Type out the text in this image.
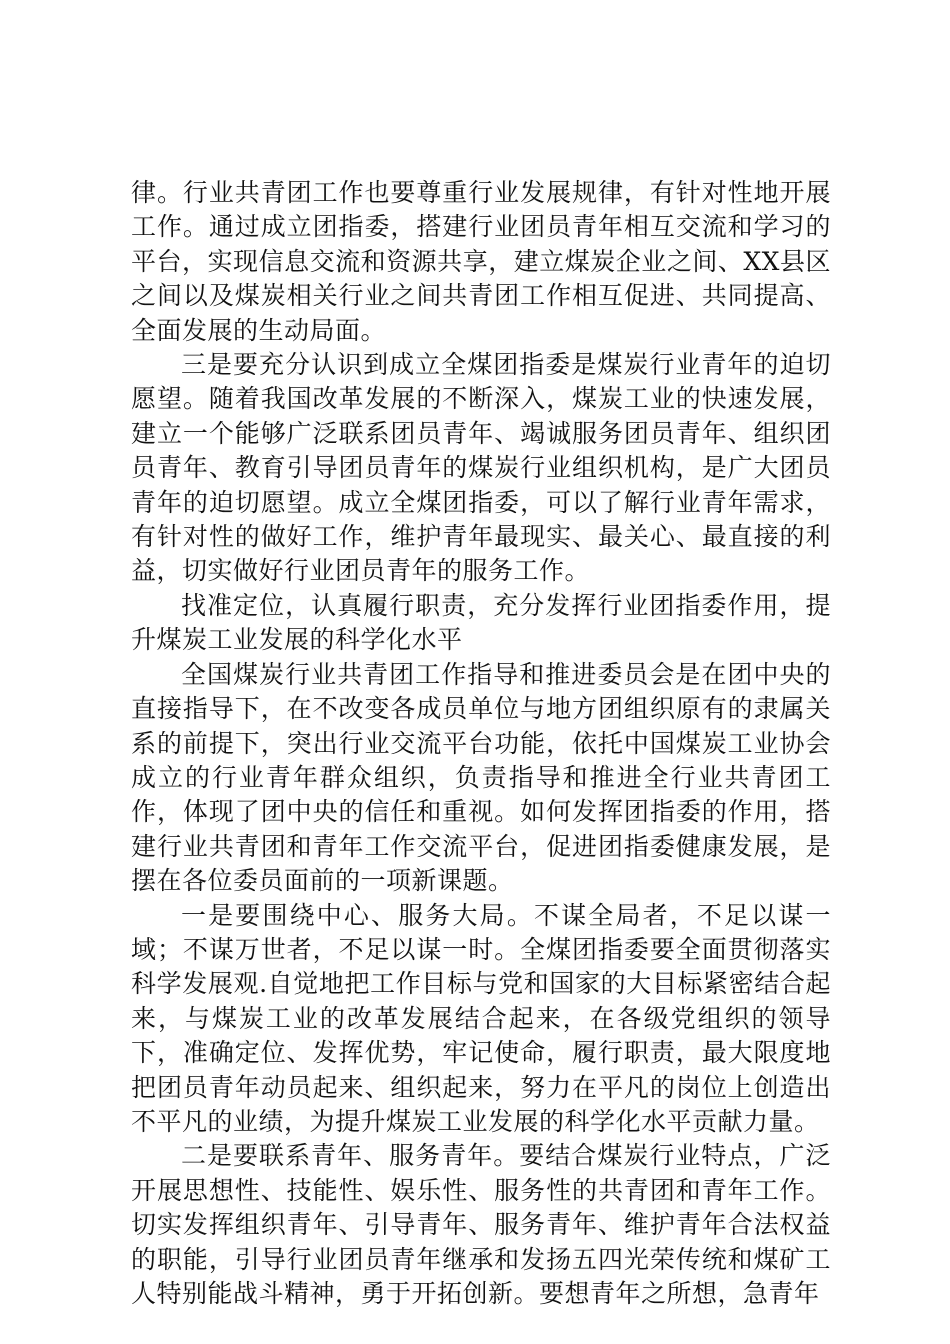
律。行业共青团工作也要尊重行业发展规律，有针对性地开展工作。通过成立团指委，搭建行业团员青年相互交流和学习的平台，实现信息交流和资源共享，建立煤炭企业之间、XX县区之间以及煤炭相关行业之间共青团工作相互促进、共同提高、全面发展的生动局面。

三是要充分认识到成立全煤团指委是煤炭行业青年的迫切愿望。随着我国改革发展的不断深入，煤炭工业的快速发展，建立一个能够广泛联系团员青年、竭诚服务团员青年、组织团员青年、教育引导团员青年的煤炭行业组织机构，是广大团员青年的迫切愿望。成立全煤团指委，可以了解行业青年需求，有针对性的做好工作，维护青年最现实、最关心、最直接的利益，切实做好行业团员青年的服务工作。

找准定位，认真履行职责，充分发挥行业团指委作用，提升煤炭工业发展的科学化水平

全国煤炭行业共青团工作指导和推进委员会是在团中央的直接指导下，在不改变各成员单位与地方团组织原有的隶属关系的前提下，突出行业交流平台功能，依托中国煤炭工业协会成立的行业青年群众组织，负责指导和推进全行业共青团工作，体现了团中央的信任和重视。如何发挥团指委的作用，搭建行业共青团和青年工作交流平台，促进团指委健康发展，是摆在各位委员面前的一项新课题。

一是要围绕中心、服务大局。不谋全局者，不足以谋一域；不谋万世者，不足以谋一时。全煤团指委要全面贯彻落实科学发展观.自觉地把工作目标与党和国家的大目标紧密结合起来，与煤炭工业的改革发展结合起来，在各级党组织的领导下，准确定位、发挥优势，牢记使命，履行职责，最大限度地把团员青年动员起来、组织起来，努力在平凡的岗位上创造出不平凡的业绩，为提升煤炭工业发展的科学化水平贡献力量。

二是要联系青年、服务青年。要结合煤炭行业特点，广泛开展思想性、技能性、娱乐性、服务性的共青团和青年工作。切实发挥组织青年、引导青年、服务青年、维护青年合法权益的职能，引导行业团员青年继承和发扬五四光荣传统和煤矿工人特别能战斗精神，勇于开拓创新。要想青年之所想，急青年
